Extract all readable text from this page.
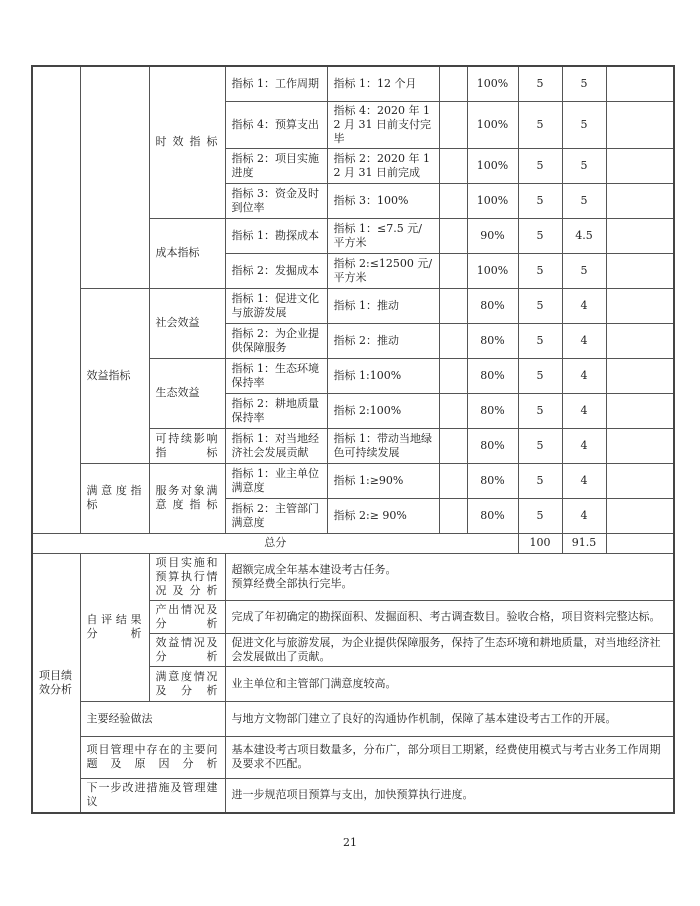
		时效指标	指标 1：工作周期	指标 1：12 个月		100%	5	5	
			指标 4：预算支出	指标 4：2020 年 12 月 31 日前支付完毕		100%	5	5	
			指标 2：项目实施进度	指标 2：2020 年 12 月 31 日前完成		100%	5	5	
			指标 3：资金及时到位率	指标 3：100%		100%	5	5	
		成本指标	指标 1：勘探成本	指标 1：≤7.5 元/平方米		90%	5	4.5	
			指标 2：发掘成本	指标 2:≤12500 元/平方米		100%	5	5	
	效益指标	社会效益	指标 1：促进文化与旅游发展	指标 1：推动		80%	5	4	
			指标 2：为企业提供保障服务	指标 2：推动		80%	5	4	
		生态效益	指标 1：生态环境保持率	指标 1:100%		80%	5	4	
			指标 2：耕地质量保持率	指标 2:100%		80%	5	4	
		可持续影响指标	指标 1：对当地经济社会发展贡献	指标 1：带动当地绿色可持续发展		80%	5	4	
	满意度指标	服务对象满意度指标	指标 1：业主单位满意度	指标 1:≥90%		80%	5	4	
			指标 2：主管部门满意度	指标 2:≥ 90%		80%	5	4	
总分							100	91.5	
项目绩效分析	自评结果分析	项目实施和预算执行情况及分析	超额完成全年基本建设考古任务。
预算经费全部执行完毕。						
		产出情况及分析	完成了年初确定的勘探面积、发掘面积、考古调查数目。验收合格，项目资料完整达标。						
		效益情况及分析	促进文化与旅游发展，为企业提供保障服务，保持了生态环境和耕地质量，对当地经济社会发展做出了贡献。						
		满意度情况及分析	业主单位和主管部门满意度较高。						
	主要经验做法		与地方文物部门建立了良好的沟通协作机制，保障了基本建设考古工作的开展。						
	项目管理中存在的主要问题及原因分析		基本建设考古项目数量多，分布广，部分项目工期紧，经费使用模式与考古业务工作周期及要求不匹配。						
	下一步改进措施及管理建议		进一步规范项目预算与支出，加快预算执行进度。						
21
